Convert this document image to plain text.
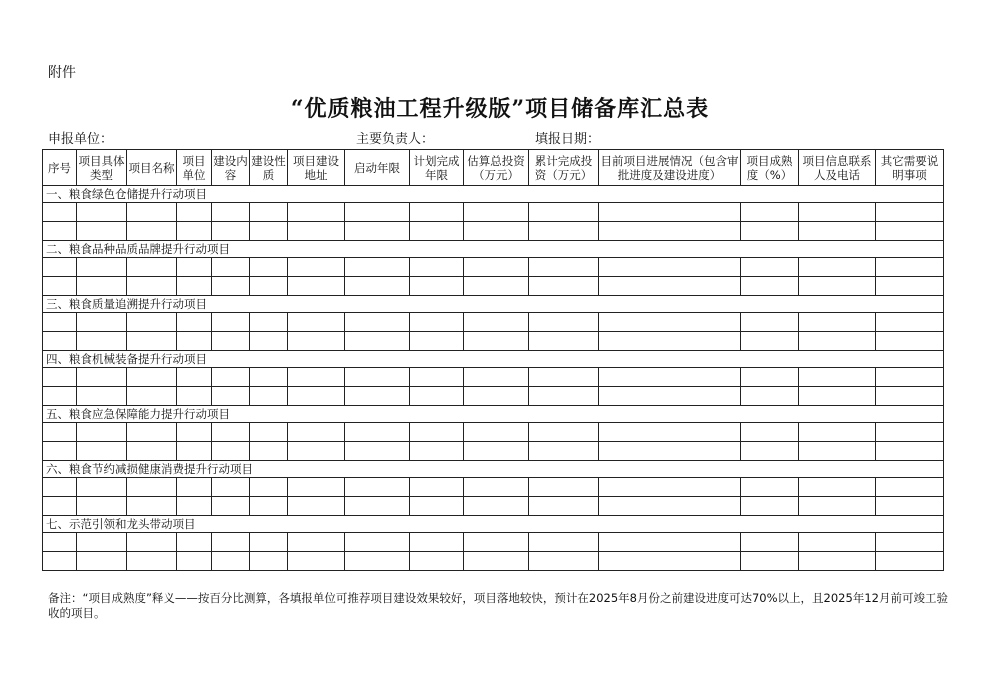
附件
“优质粮油工程升级版”项目储备库汇总表
申报单位：	主要负责人：	填报日期：
序号	项目具体类型	项目名称	项目单位	建设内容	建设性质	项目建设地址	启动年限	计划完成年限	估算总投资（万元）	累计完成投资（万元）	目前项目进展情况（包含审批进度及建设进度）	项目成熟度（%）	项目信息联系人及电话	其它需要说明事项
一、粮食绿色仓储提升行动项目														

二、粮食品种品质品牌提升行动项目														

三、粮食质量追溯提升行动项目														

四、粮食机械装备提升行动项目														

五、粮食应急保障能力提升行动项目														

六、粮食节约减损健康消费提升行动项目														

七、示范引领和龙头带动项目														

备注：“项目成熟度”释义——按百分比测算，各填报单位可推荐项目建设效果较好，项目落地较快，预计在2025年8月份之前建设进度可达70%以上，且2025年12月前可竣工验收的项目。
